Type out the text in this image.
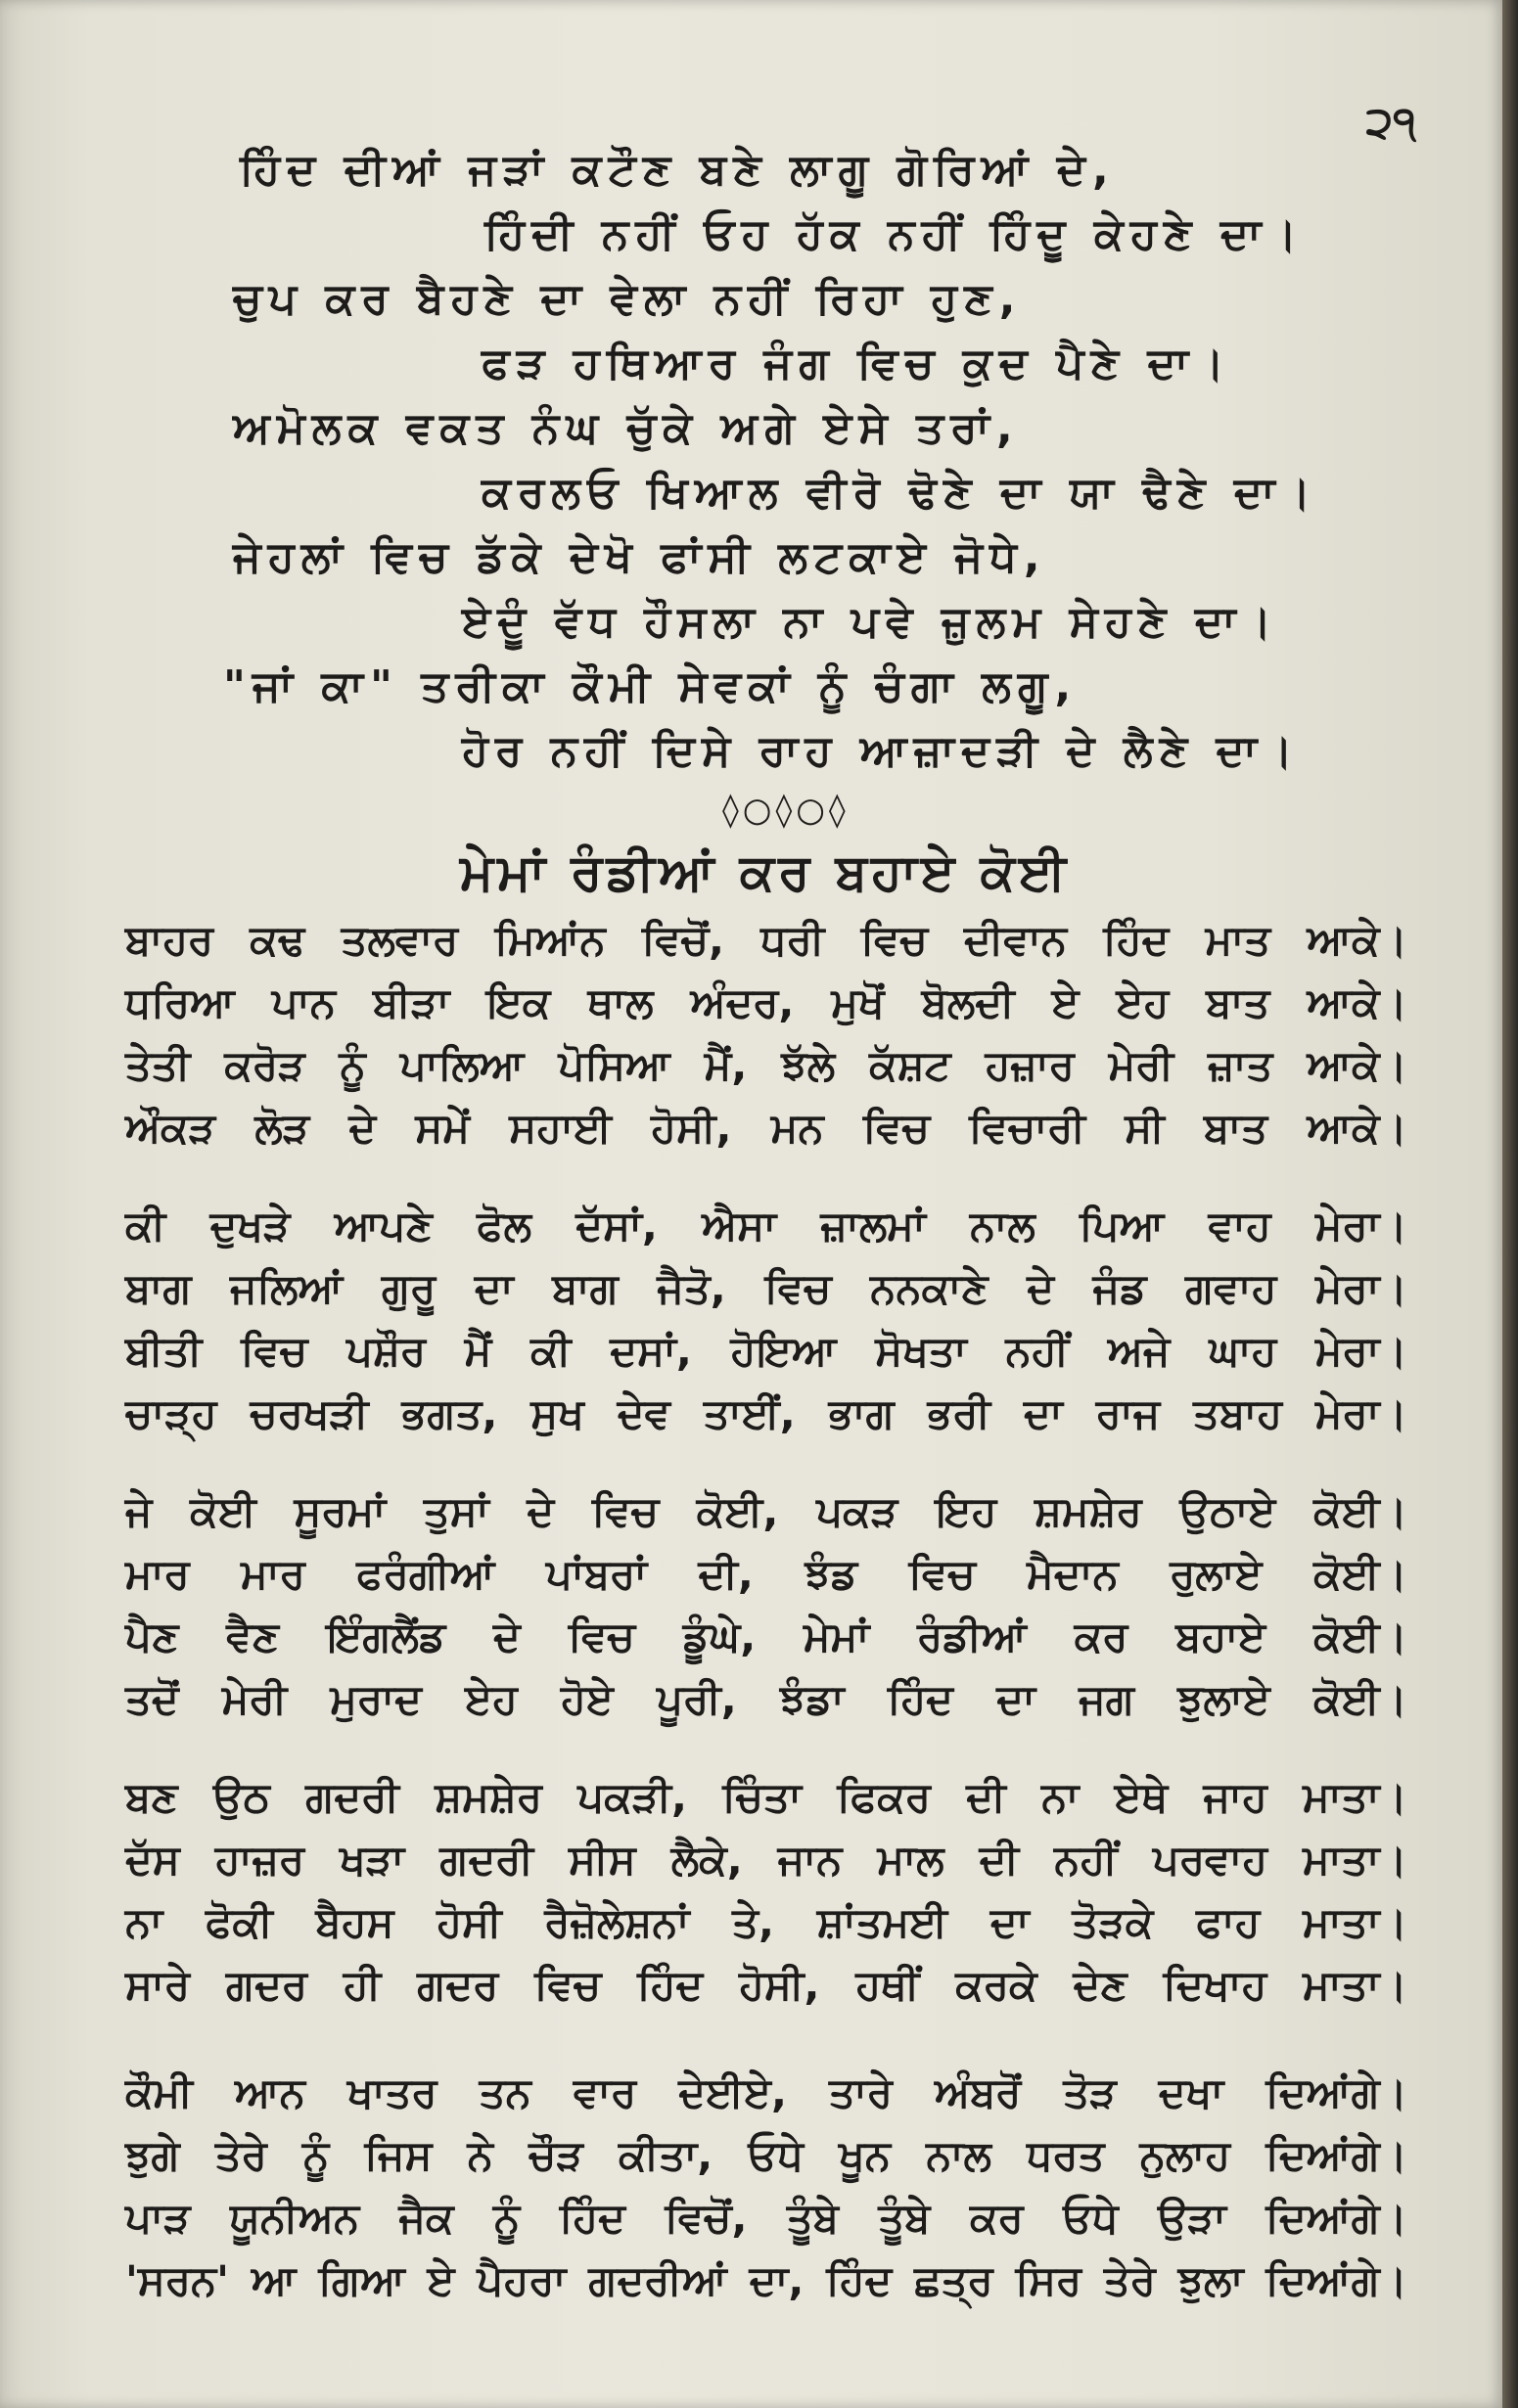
੨੧
ਹਿੰਦ ਦੀਆਂ ਜੜਾਂ ਕਟੌਣ ਬਣੇ ਲਾਗੂ ਗੋਰਿਆਂ ਦੇ,
ਹਿੰਦੀ ਨਹੀਂ ਓਹ ਹੱਕ ਨਹੀਂ ਹਿੰਦੂ ਕੇਹਣੇ ਦਾ।
ਚੁਪ ਕਰ ਬੈਹਣੇ ਦਾ ਵੇਲਾ ਨਹੀਂ ਰਿਹਾ ਹੁਣ,
ਫੜ ਹਥਿਆਰ ਜੰਗ ਵਿਚ ਕੁਦ ਪੈਣੇ ਦਾ।
ਅਮੋਲਕ ਵਕਤ ਨੰਘ ਚੁੱਕੇ ਅਗੇ ਏਸੇ ਤਰਾਂ,
ਕਰਲਓ ਖਿਆਲ ਵੀਰੋ ਢੋਣੇ ਦਾ ਯਾ ਢੈਣੇ ਦਾ।
ਜੇਹਲਾਂ ਵਿਚ ਡੱਕੇ ਦੇਖੋ ਫਾਂਸੀ ਲਟਕਾਏ ਜੋਧੇ,
ਏਦੂੰ ਵੱਧ ਹੌਸਲਾ ਨਾ ਪਵੇ ਜ਼ੁਲਮ ਸੇਹਣੇ ਦਾ।
"ਜਾਂ ਕਾ" ਤਰੀਕਾ ਕੌਮੀ ਸੇਵਕਾਂ ਨੂੰ ਚੰਗਾ ਲਗੂ,
ਹੋਰ ਨਹੀਂ ਦਿਸੇ ਰਾਹ ਆਜ਼ਾਦੜੀ ਦੇ ਲੈਣੇ ਦਾ।
◊○◊○◊
ਮੇਮਾਂ ਰੰਡੀਆਂ ਕਰ ਬਹਾਏ ਕੋਈ
ਬਾਹਰ ਕਢ ਤਲਵਾਰ ਮਿਆਂਨ ਵਿਚੋਂ, ਧਰੀ ਵਿਚ ਦੀਵਾਨ ਹਿੰਦ ਮਾਤ ਆਕੇ।
ਧਰਿਆ ਪਾਨ ਬੀੜਾ ਇਕ ਥਾਲ ਅੰਦਰ, ਮੁਖੋਂ ਬੋਲਦੀ ਏ ਏਹ ਬਾਤ ਆਕੇ।
ਤੇਤੀ ਕਰੋੜ ਨੂੰ ਪਾਲਿਆ ਪੋਸਿਆ ਮੈਂ, ਝੱਲੇ ਕੱਸ਼ਟ ਹਜ਼ਾਰ ਮੇਰੀ ਜ਼ਾਤ ਆਕੇ।
ਔਕੜ ਲੋੜ ਦੇ ਸਮੇਂ ਸਹਾਈ ਹੋਸੀ, ਮਨ ਵਿਚ ਵਿਚਾਰੀ ਸੀ ਬਾਤ ਆਕੇ।
ਕੀ ਦੁਖੜੇ ਆਪਣੇ ਫੋਲ ਦੱਸਾਂ, ਐਸਾ ਜ਼ਾਲਮਾਂ ਨਾਲ ਪਿਆ ਵਾਹ ਮੇਰਾ।
ਬਾਗ ਜਲਿਆਂ ਗੁਰੂ ਦਾ ਬਾਗ ਜੈਤੋ, ਵਿਚ ਨਨਕਾਣੇ ਦੇ ਜੰਡ ਗਵਾਹ ਮੇਰਾ।
ਬੀਤੀ ਵਿਚ ਪਸ਼ੌਰ ਮੈਂ ਕੀ ਦਸਾਂ, ਹੋਇਆ ਸੋਖਤਾ ਨਹੀਂ ਅਜੇ ਘਾਹ ਮੇਰਾ।
ਚਾੜ੍ਹ ਚਰਖੜੀ ਭਗਤ, ਸੁਖ ਦੇਵ ਤਾਈਂ, ਭਾਗ ਭਰੀ ਦਾ ਰਾਜ ਤਬਾਹ ਮੇਰਾ।
ਜੇ ਕੋਈ ਸੂਰਮਾਂ ਤੁਸਾਂ ਦੇ ਵਿਚ ਕੋਈ, ਪਕੜ ਇਹ ਸ਼ਮਸ਼ੇਰ ਉਠਾਏ ਕੋਈ।
ਮਾਰ ਮਾਰ ਫਰੰਗੀਆਂ ਪਾਂਬਰਾਂ ਦੀ, ਝੰਡ ਵਿਚ ਮੈਦਾਨ ਰੁਲਾਏ ਕੋਈ।
ਪੈਣ ਵੈਣ ਇੰਗਲੈਂਡ ਦੇ ਵਿਚ ਡੂੰਘੇ, ਮੇਮਾਂ ਰੰਡੀਆਂ ਕਰ ਬਹਾਏ ਕੋਈ।
ਤਦੋਂ ਮੇਰੀ ਮੁਰਾਦ ਏਹ ਹੋਏ ਪੂਰੀ, ਝੰਡਾ ਹਿੰਦ ਦਾ ਜਗ ਝੁਲਾਏ ਕੋਈ।
ਬਣ ਉਠ ਗਦਰੀ ਸ਼ਮਸ਼ੇਰ ਪਕੜੀ, ਚਿੰਤਾ ਫਿਕਰ ਦੀ ਨਾ ਏਥੇ ਜਾਹ ਮਾਤਾ।
ਦੱਸ ਹਾਜ਼ਰ ਖੜਾ ਗਦਰੀ ਸੀਸ ਲੈਕੇ, ਜਾਨ ਮਾਲ ਦੀ ਨਹੀਂ ਪਰਵਾਹ ਮਾਤਾ।
ਨਾ ਫੋਕੀ ਬੈਹਸ ਹੋਸੀ ਰੈਜ਼ੋਲੇਸ਼ਨਾਂ ਤੇ, ਸ਼ਾਂਤਮਈ ਦਾ ਤੋੜਕੇ ਫਾਹ ਮਾਤਾ।
ਸਾਰੇ ਗਦਰ ਹੀ ਗਦਰ ਵਿਚ ਹਿੰਦ ਹੋਸੀ, ਹਥੀਂ ਕਰਕੇ ਦੇਣ ਦਿਖਾਹ ਮਾਤਾ।
ਕੌਮੀ ਆਨ ਖਾਤਰ ਤਨ ਵਾਰ ਦੇਈਏ, ਤਾਰੇ ਅੰਬਰੋਂ ਤੋੜ ਦਖਾ ਦਿਆਂਗੇ।
ਝੁਗੇ ਤੇਰੇ ਨੂੰ ਜਿਸ ਨੇ ਚੌੜ ਕੀਤਾ, ਓਧੇ ਖੂਨ ਨਾਲ ਧਰਤ ਨੁਲਾਹ ਦਿਆਂਗੇ।
ਪਾੜ ਯੂਨੀਅਨ ਜੈਕ ਨੂੰ ਹਿੰਦ ਵਿਚੋਂ, ਤੂੰਬੇ ਤੂੰਬੇ ਕਰ ਓਧੇ ਉੜਾ ਦਿਆਂਗੇ।
'ਸਰਨ' ਆ ਗਿਆ ਏ ਪੈਹਰਾ ਗਦਰੀਆਂ ਦਾ, ਹਿੰਦ ਛਤ੍ਰ ਸਿਰ ਤੇਰੇ ਝੁਲਾ ਦਿਆਂਗੇ।
